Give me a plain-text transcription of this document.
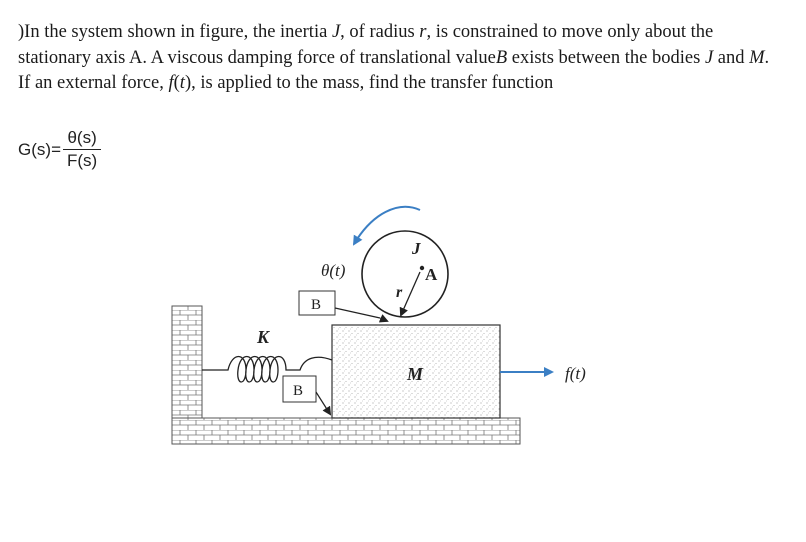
)In the system shown in figure, the inertia J, of radius r, is constrained to move only about the stationary axis A. A viscous damping force of translational valueB exists between the bodies J and M. If an external force, f(t), is applied to the mass, find the transfer function
G $(s) = \frac{\theta(s)}{F(s)}$
J
A
r
θ(t)
B
K
B
M	f(t)
